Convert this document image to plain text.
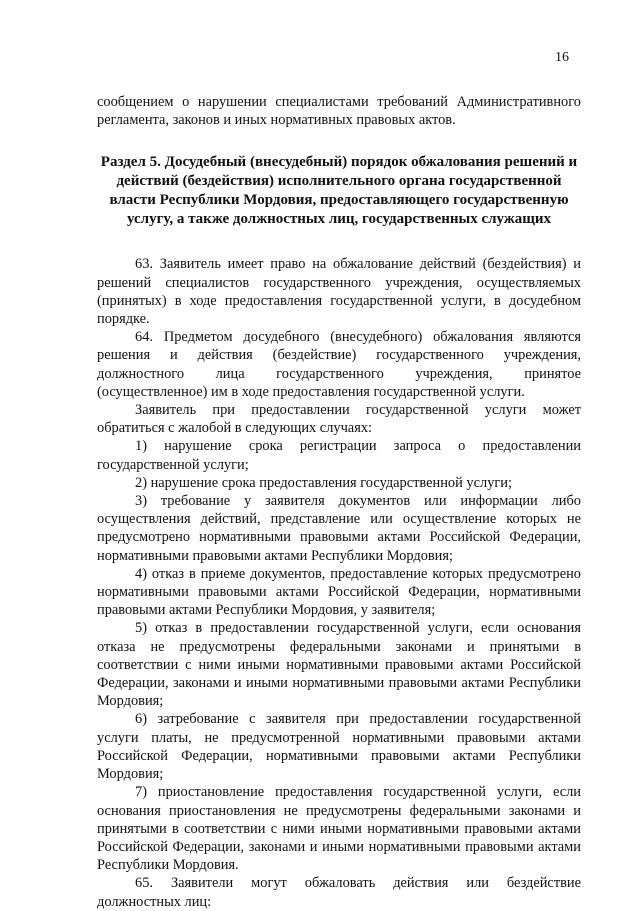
16

сообщением о нарушении специалистами требований Административного регламента, законов и иных нормативных правовых актов.

Раздел 5. Досудебный (внесудебный) порядок обжалования решений и действий (бездействия) исполнительного органа государственной власти Республики Мордовия, предоставляющего государственную услугу, а также должностных лиц, государственных служащих

63. Заявитель имеет право на обжалование действий (бездействия) и решений специалистов государственного учреждения, осуществляемых (принятых) в ходе предоставления государственной услуги, в досудебном порядке.

64. Предметом досудебного (внесудебного) обжалования являются решения и действия (бездействие) государственного учреждения, должностного лица государственного учреждения, принятое (осуществленное) им в ходе предоставления государственной услуги.

Заявитель при предоставлении государственной услуги может обратиться с жалобой в следующих случаях:

1) нарушение срока регистрации запроса о предоставлении государственной услуги;

2) нарушение срока предоставления государственной услуги;

3) требование у заявителя документов или информации либо осуществления действий, представление или осуществление которых не предусмотрено нормативными правовыми актами Российской Федерации, нормативными правовыми актами Республики Мордовия;

4) отказ в приеме документов, предоставление которых предусмотрено нормативными правовыми актами Российской Федерации, нормативными правовыми актами Республики Мордовия, у заявителя;

5) отказ в предоставлении государственной услуги, если основания отказа не предусмотрены федеральными законами и принятыми в соответствии с ними иными нормативными правовыми актами Российской Федерации, законами и иными нормативными правовыми актами Республики Мордовия;

6) затребование с заявителя при предоставлении государственной услуги платы, не предусмотренной нормативными правовыми актами Российской Федерации, нормативными правовыми актами Республики Мордовия;

7) приостановление предоставления государственной услуги, если основания приостановления не предусмотрены федеральными законами и принятыми в соответствии с ними иными нормативными правовыми актами Российской Федерации, законами и иными нормативными правовыми актами Республики Мордовия.

65. Заявители могут обжаловать действия или бездействие должностных лиц:
